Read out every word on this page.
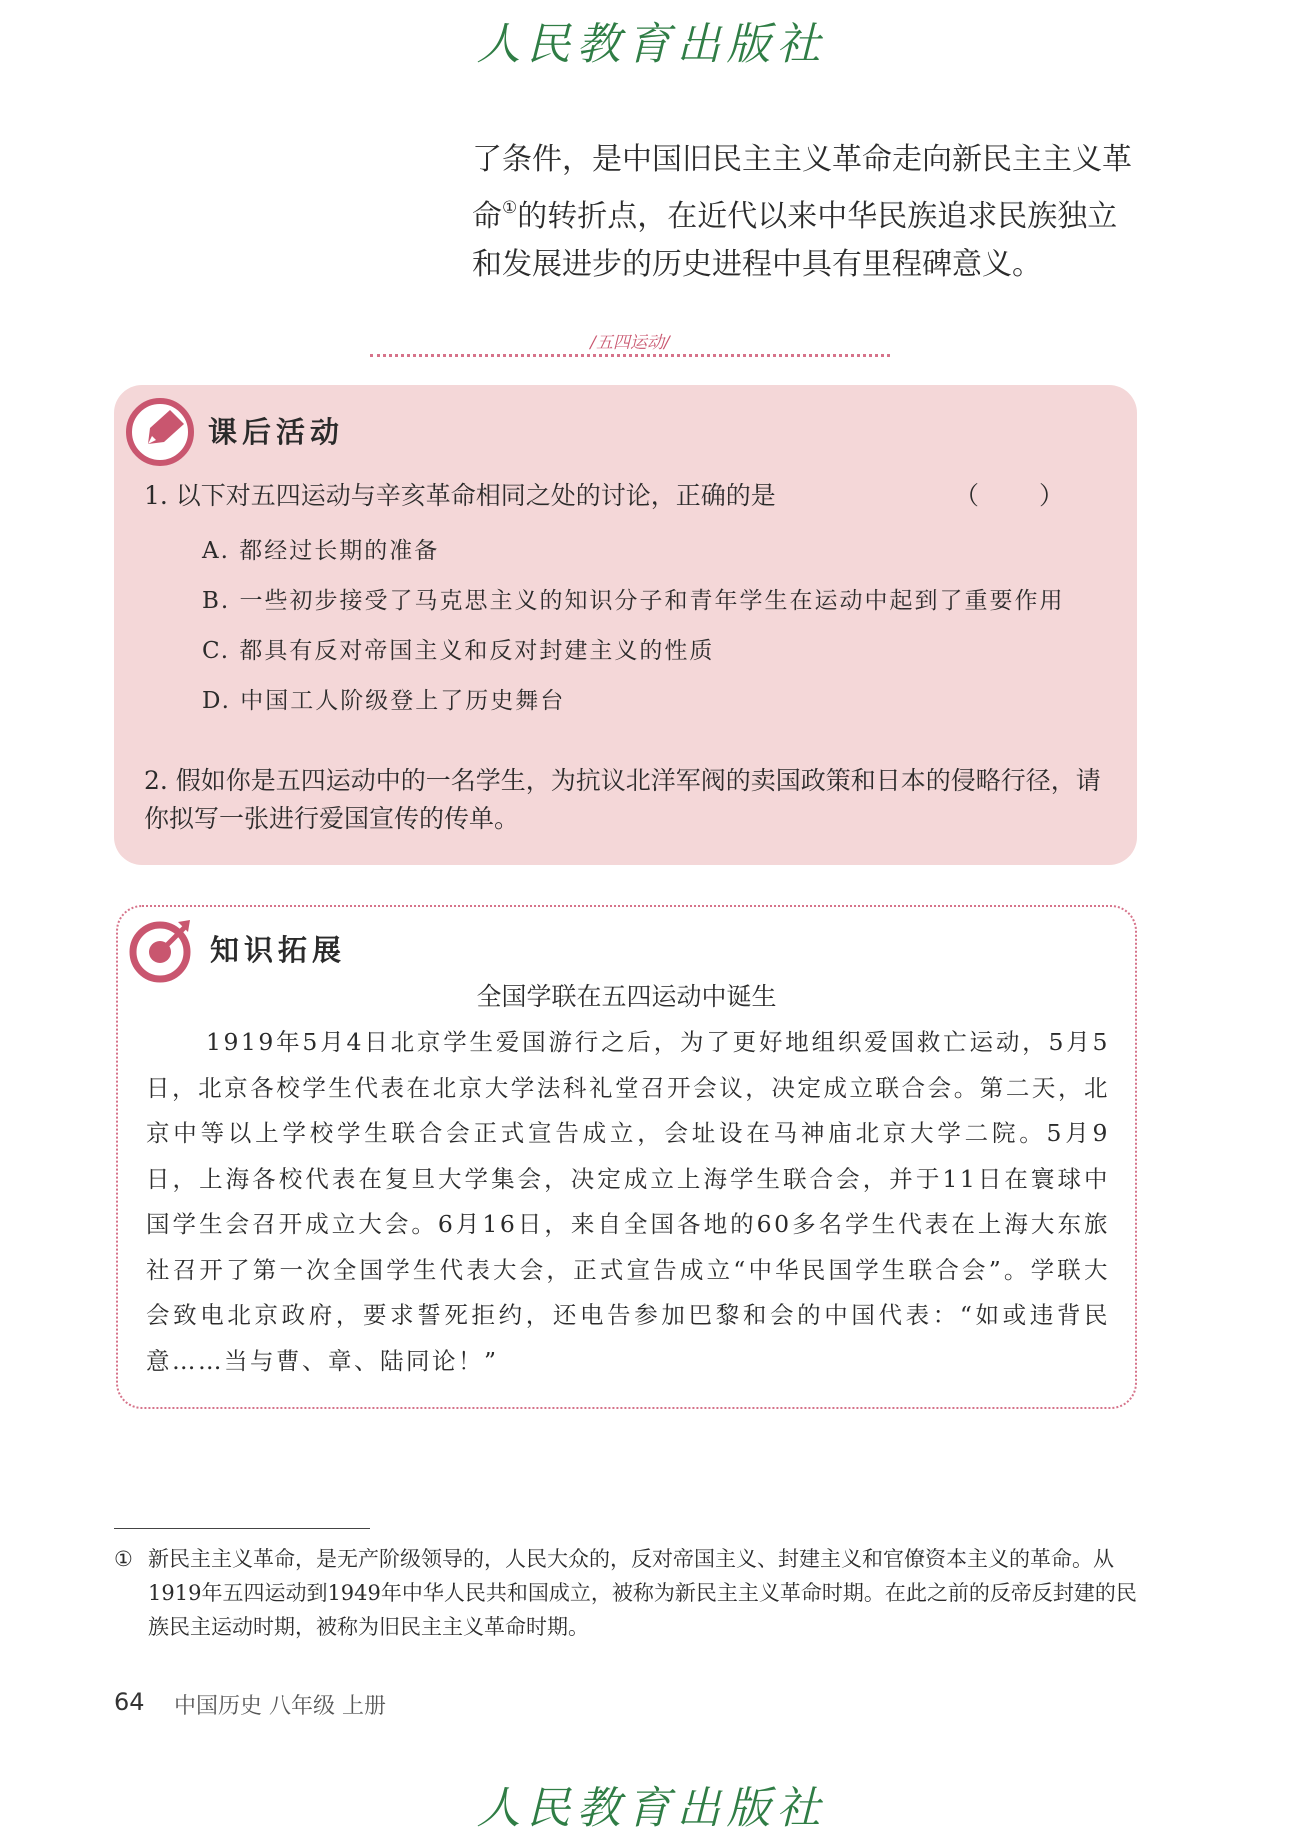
人民教育出版社
了条件，是中国旧民主主义革命走向新民主主义革
命①的转折点，在近代以来中华民族追求民族独立
和发展进步的历史进程中具有里程碑意义。
/五四运动/
课后活动
1. 以下对五四运动与辛亥革命相同之处的讨论，正确的是	（）
A. 都经过长期的准备
B. 一些初步接受了马克思主义的知识分子和青年学生在运动中起到了重要作用
C. 都具有反对帝国主义和反对封建主义的性质
D. 中国工人阶级登上了历史舞台
2. 假如你是五四运动中的一名学生，为抗议北洋军阀的卖国政策和日本的侵略行径，请你拟写一张进行爱国宣传的传单。
知识拓展
全国学联在五四运动中诞生
1919年5月4日北京学生爱国游行之后，为了更好地组织爱国救亡运动，5月5日，北京各校学生代表在北京大学法科礼堂召开会议，决定成立联合会。第二天，北京中等以上学校学生联合会正式宣告成立，会址设在马神庙北京大学二院。5月9日，上海各校代表在复旦大学集会，决定成立上海学生联合会，并于11日在寰球中国学生会召开成立大会。6月16日，来自全国各地的60多名学生代表在上海大东旅社召开了第一次全国学生代表大会，正式宣告成立“中华民国学生联合会”。学联大会致电北京政府，要求誓死拒约，还电告参加巴黎和会的中国代表：“如或违背民意……当与曹、章、陆同论！”
① 新民主主义革命，是无产阶级领导的，人民大众的，反对帝国主义、封建主义和官僚资本主义的革命。从1919年五四运动到1949年中华人民共和国成立，被称为新民主主义革命时期。在此之前的反帝反封建的民族民主运动时期，被称为旧民主主义革命时期。
64 中国历史 八年级 上册
人民教育出版社
